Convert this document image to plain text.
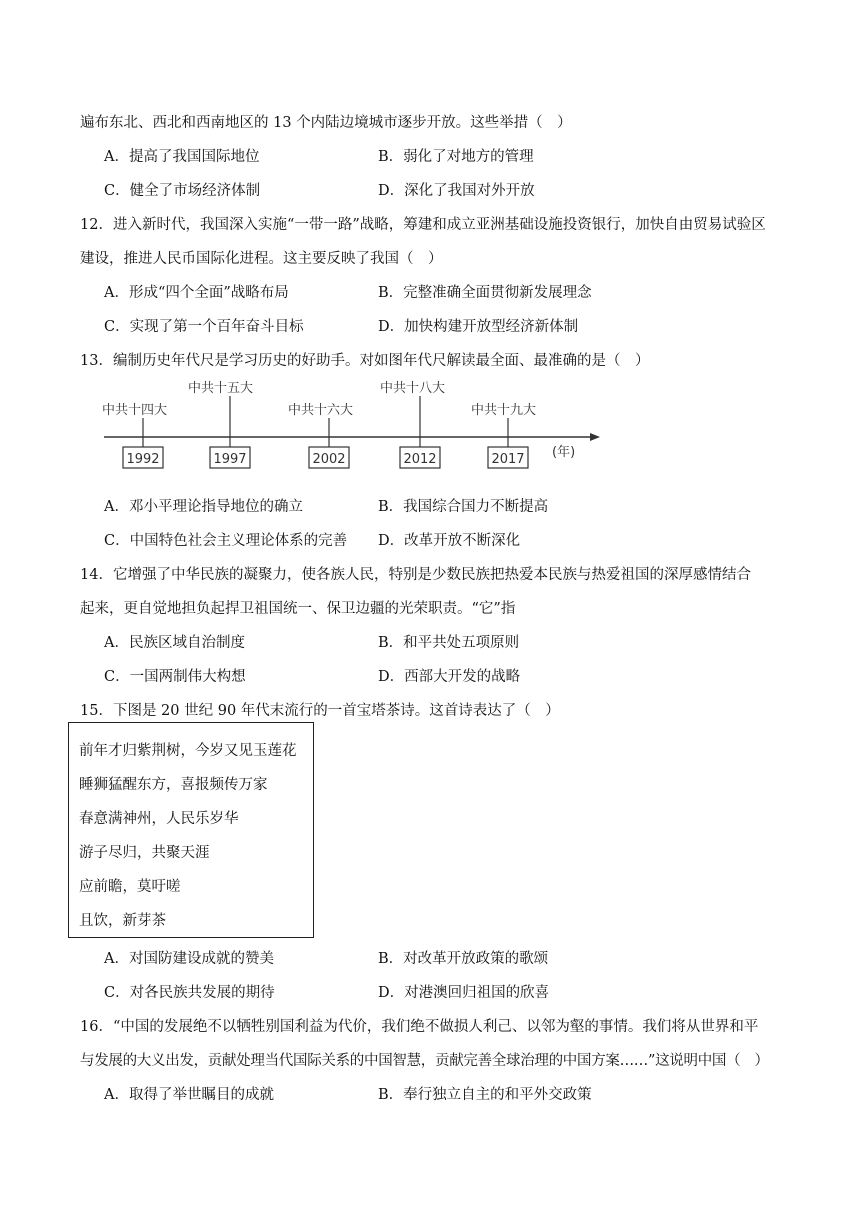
遍布东北、西北和西南地区的 13 个内陆边境城市逐步开放。这些举措（　）
A．提高了我国国际地位	B．弱化了对地方的管理
C．健全了市场经济体制	D．深化了我国对外开放
12．进入新时代，我国深入实施“一带一路”战略，筹建和成立亚洲基础设施投资银行，加快自由贸易试验区
建设，推进人民币国际化进程。这主要反映了我国（　）
A．形成“四个全面”战略布局	B．完整准确全面贯彻新发展理念
C．实现了第一个百年奋斗目标	D．加快构建开放型经济新体制
13．编制历史年代尺是学习历史的好助手。对如图年代尺解读最全面、最准确的是（　）
(年)
中共十四大
1992
中共十五大
1997
中共十六大
2002
中共十八大
2012
中共十九大
2017
A．邓小平理论指导地位的确立	B．我国综合国力不断提高
C．中国特色社会主义理论体系的完善 D．改革开放不断深化
14．它增强了中华民族的凝聚力，使各族人民，特别是少数民族把热爱本民族与热爱祖国的深厚感情结合
起来，更自觉地担负起捍卫祖国统一、保卫边疆的光荣职责。“它”指
A．民族区域自治制度	B．和平共处五项原则
C．一国两制伟大构想	D．西部大开发的战略
15．下图是 20 世纪 90 年代末流行的一首宝塔茶诗。这首诗表达了（　）
前年才归紫荆树，今岁又见玉莲花
睡狮猛醒东方，喜报频传万家
春意满神州，人民乐岁华
游子尽归，共聚天涯
应前瞻，莫吁嗟
且饮，新芽茶
A．对国防建设成就的赞美	B．对改革开放政策的歌颂
C．对各民族共发展的期待	D．对港澳回归祖国的欣喜
16．“中国的发展绝不以牺牲别国利益为代价，我们绝不做损人利己、以邻为壑的事情。我们将从世界和平
与发展的大义出发，贡献处理当代国际关系的中国智慧，贡献完善全球治理的中国方案……”这说明中国（　）
A．取得了举世瞩目的成就	B．奉行独立自主的和平外交政策
